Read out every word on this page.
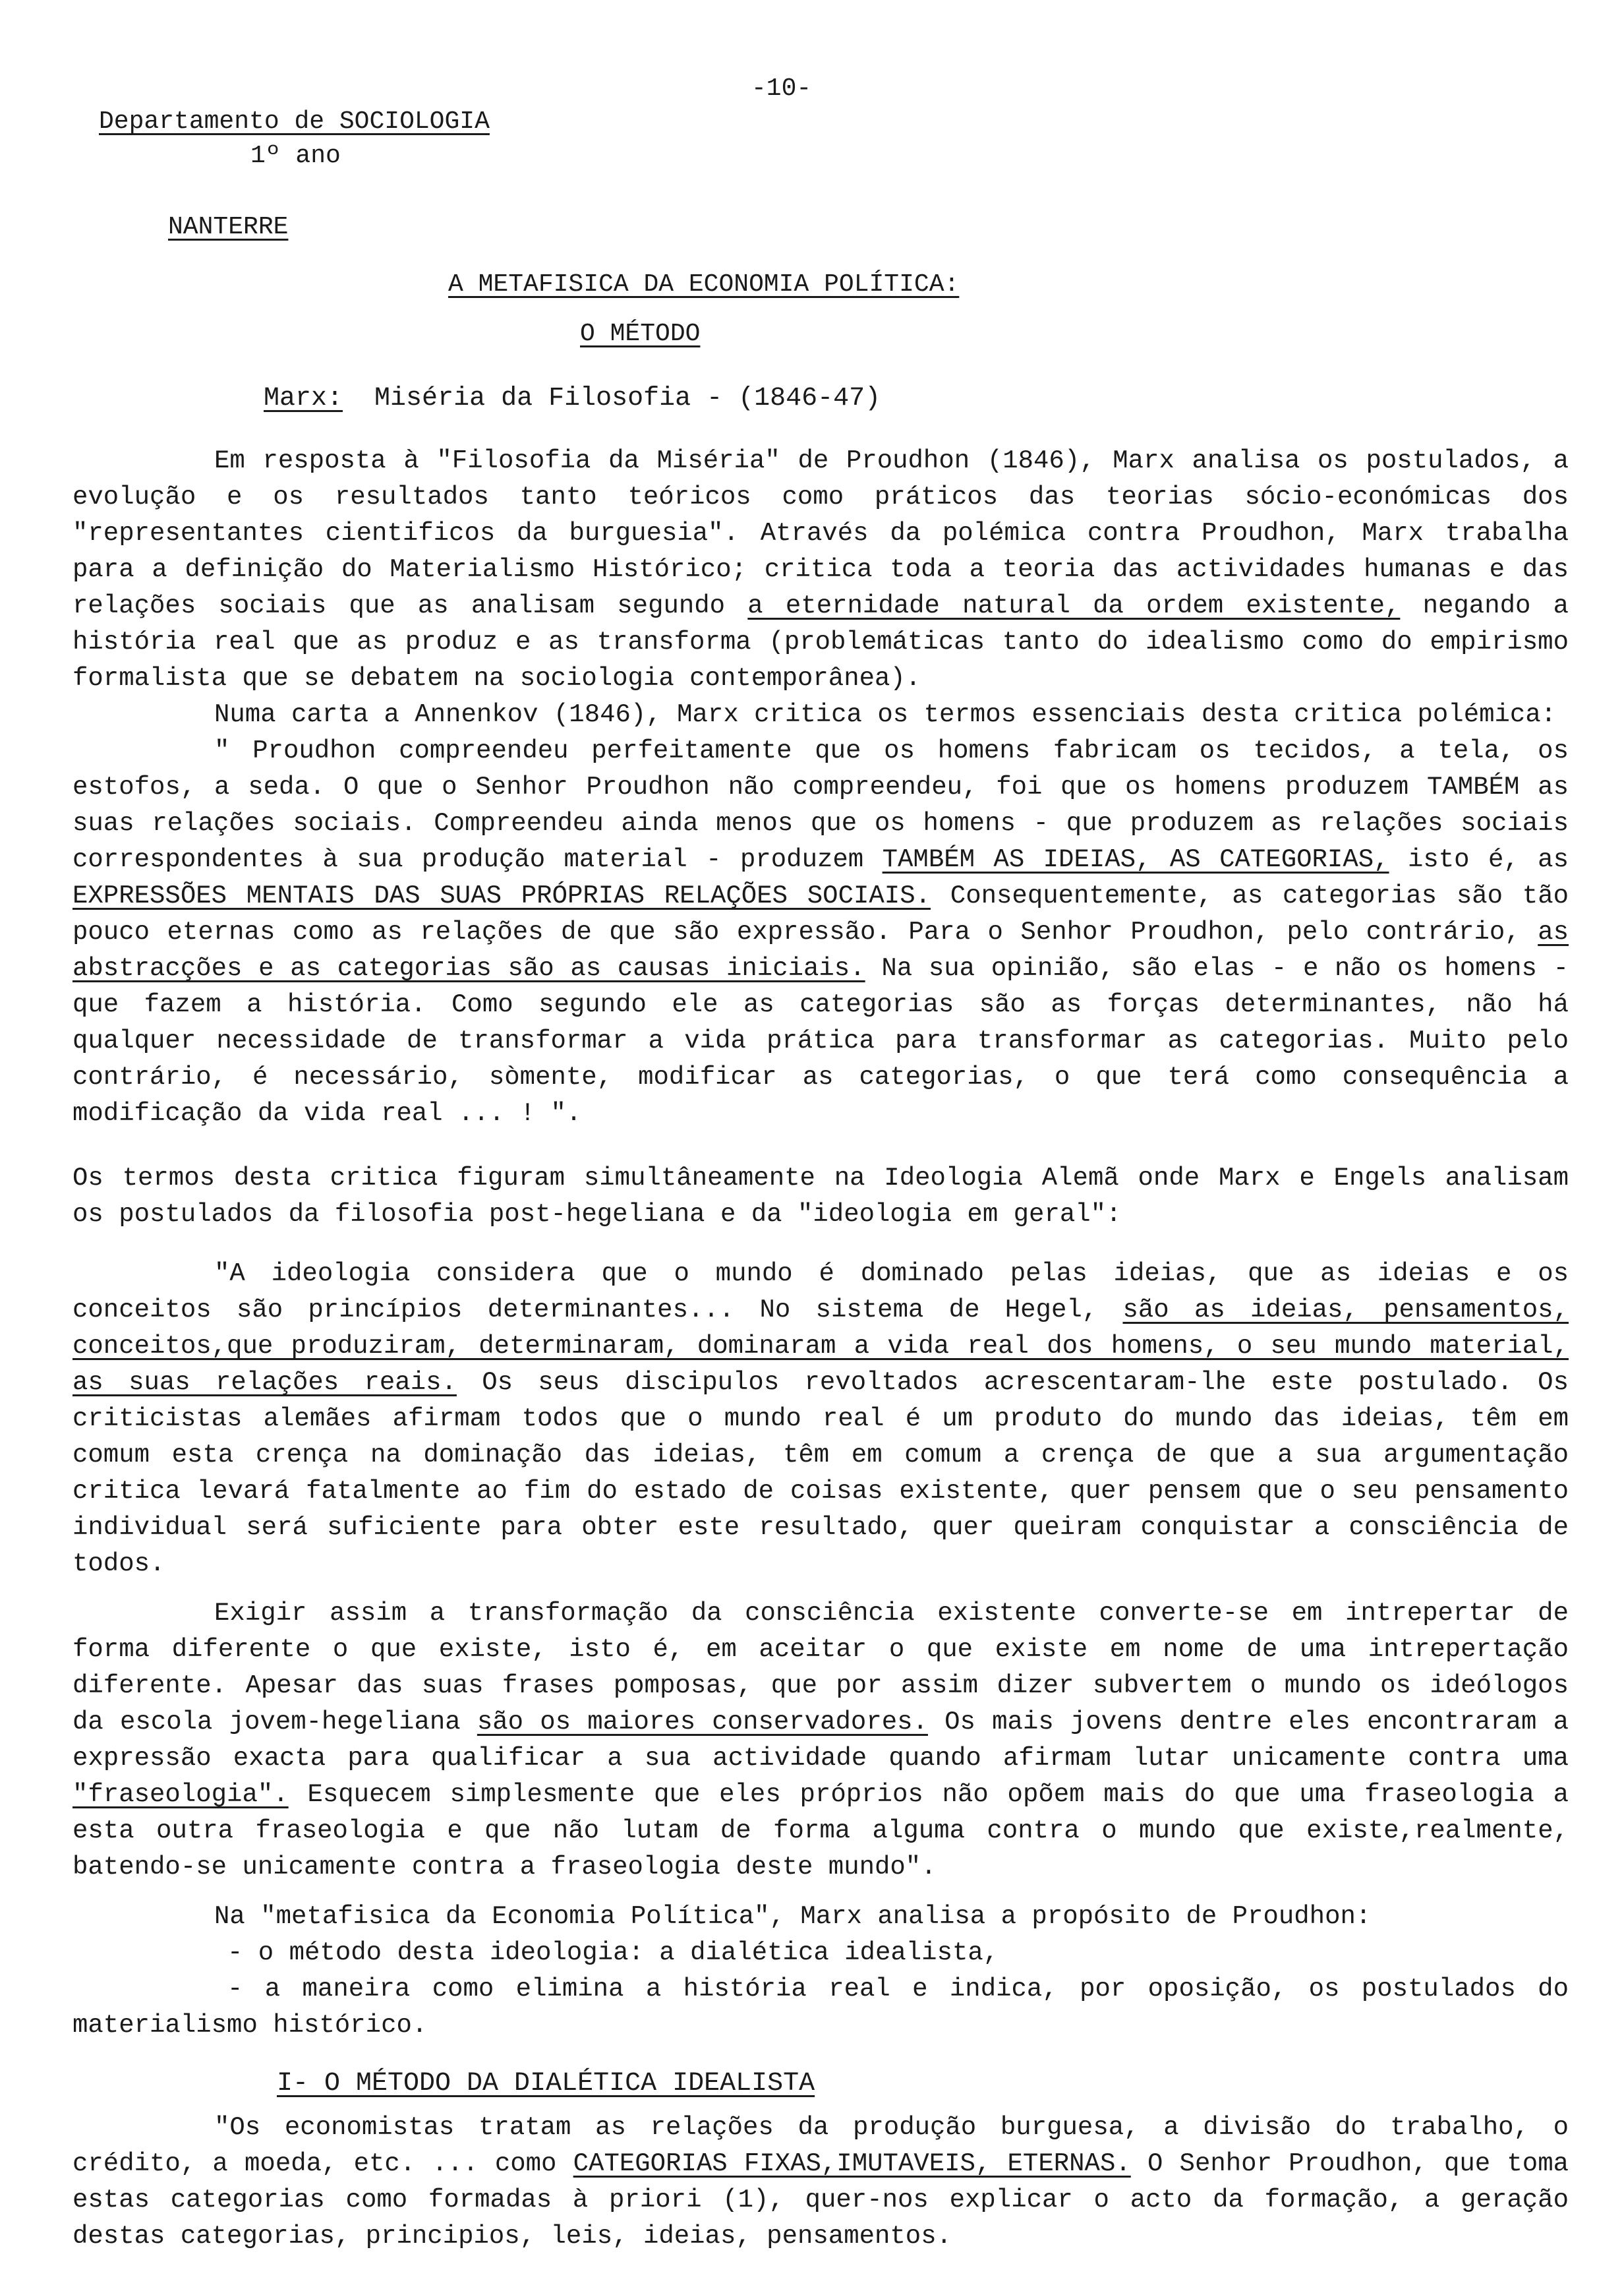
-10-
Departamento de SOCIOLOGIA
1º ano
NANTERRE
A METAFISICA DA ECONOMIA POLÍTICA:
O MÉTODO
Marx: Miséria da Filosofia - (1846-47)

Em resposta à "Filosofia da Miséria" de Proudhon (1846), Marx analisa os postulados, a evolução e os resultados tanto teóricos como práticos das teorias sócio-económicas dos "representantes cientificos da burguesia". Através da polémica contra Proudhon, Marx trabalha para a definição do Materialismo Histórico; critica toda a teoria das actividades humanas e das relações sociais que as analisam segundo a eternidade natural da ordem existente, negando a história real que as produz e as transforma (problemáticas tanto do idealismo como do empirismo formalista que se debatem na sociologia contemporânea).

Numa carta a Annenkov (1846), Marx critica os termos essenciais desta critica polémica:

" Proudhon compreendeu perfeitamente que os homens fabricam os tecidos, a tela, os estofos, a seda. O que o Senhor Proudhon não compreendeu, foi que os homens produzem TAMBÉM as suas relações sociais. Compreendeu ainda menos que os homens - que produzem as relações sociais correspondentes à sua produção material - produzem TAMBÉM AS IDEIAS, AS CATEGORIAS, isto é, as EXPRESSÕES MENTAIS DAS SUAS PRÓPRIAS RELAÇÕES SOCIAIS. Consequentemente, as categorias são tão pouco eternas como as relações de que são expressão. Para o Senhor Proudhon, pelo contrário, as abstracções e as categorias são as causas iniciais. Na sua opinião, são elas - e não os homens - que fazem a história. Como segundo ele as categorias são as forças determinantes, não há qualquer necessidade de transformar a vida prática para transformar as categorias. Muito pelo contrário, é necessário, sòmente, modificar as categorias, o que terá como consequência a modificação da vida real ... ! ".

Os termos desta critica figuram simultâneamente na Ideologia Alemã onde Marx e Engels analisam os postulados da filosofia post-hegeliana e da "ideologia em geral":

"A ideologia considera que o mundo é dominado pelas ideias, que as ideias e os conceitos são princípios determinantes... No sistema de Hegel, são as ideias, pensamentos, conceitos,que produziram, determinaram, dominaram a vida real dos homens, o seu mundo material, as suas relações reais. Os seus discipulos revoltados acrescentaram-lhe este postulado. Os criticistas alemães afirmam todos que o mundo real é um produto do mundo das ideias, têm em comum esta crença na dominação das ideias, têm em comum a crença de que a sua argumentação critica levará fatalmente ao fim do estado de coisas existente, quer pensem que o seu pensamento individual será suficiente para obter este resultado, quer queiram conquistar a consciência de todos.

Exigir assim a transformação da consciência existente converte-se em intrepertar de forma diferente o que existe, isto é, em aceitar o que existe em nome de uma intrepertação diferente. Apesar das suas frases pomposas, que por assim dizer subvertem o mundo os ideólogos da escola jovem-hegeliana são os maiores conservadores. Os mais jovens dentre eles encontraram a expressão exacta para qualificar a sua actividade quando afirmam lutar unicamente contra uma "fraseologia". Esquecem simplesmente que eles próprios não opõem mais do que uma fraseologia a esta outra fraseologia e que não lutam de forma alguma contra o mundo que existe,realmente, batendo-se unicamente contra a fraseologia deste mundo".

Na "metafisica da Economia Política", Marx analisa a propósito de Proudhon:

- o método desta ideologia: a dialética idealista,

- a maneira como elimina a história real e indica, por oposição, os postulados do materialismo histórico.

I- O MÉTODO DA DIALÉTICA IDEALISTA

"Os economistas tratam as relações da produção burguesa, a divisão do trabalho, o crédito, a moeda, etc. ... como CATEGORIAS FIXAS,IMUTAVEIS, ETERNAS. O Senhor Proudhon, que toma estas categorias como formadas à priori (1), quer-nos explicar o acto da formação, a geração destas categorias, principios, leis, ideias, pensamentos.
